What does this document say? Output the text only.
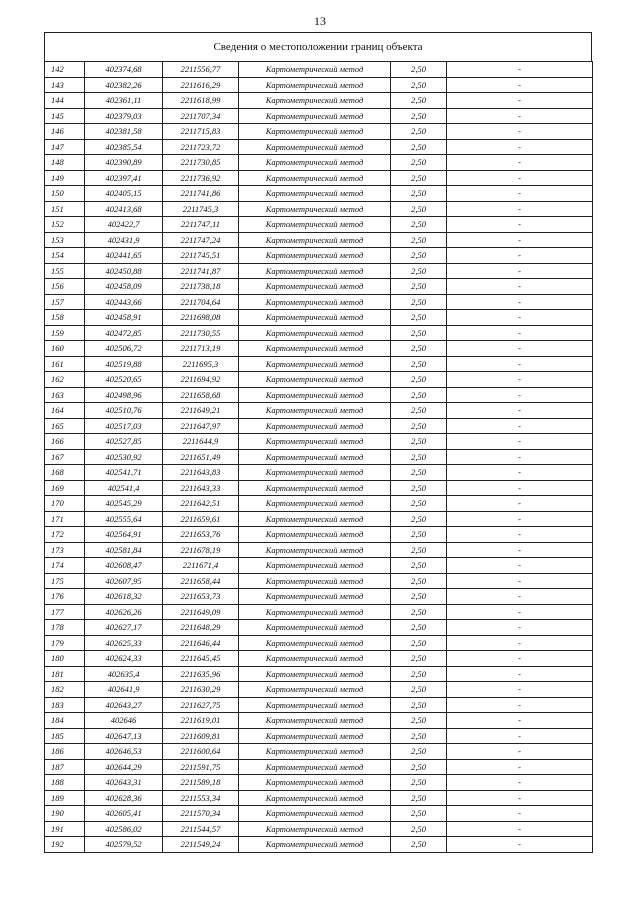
13
Сведения о местоположении границ объекта
142	402374,68	2211556,77	Картометрический метод	2,50	-
143	402382,26	2211616,29	Картометрический метод	2,50	-
144	402361,11	2211618,99	Картометрический метод	2,50	-
145	402379,03	2211707,34	Картометрический метод	2,50	-
146	402381,58	2211715,83	Картометрический метод	2,50	-
147	402385,54	2211723,72	Картометрический метод	2,50	-
148	402390,89	2211730,85	Картометрический метод	2,50	-
149	402397,41	2211736,92	Картометрический метод	2,50	-
150	402405,15	2211741,86	Картометрический метод	2,50	-
151	402413,68	2211745,3	Картометрический метод	2,50	-
152	402422,7	2211747,11	Картометрический метод	2,50	-
153	402431,9	2211747,24	Картометрический метод	2,50	-
154	402441,65	2211745,51	Картометрический метод	2,50	-
155	402450,88	2211741,87	Картометрический метод	2,50	-
156	402458,09	2211738,18	Картометрический метод	2,50	-
157	402443,66	2211704,64	Картометрический метод	2,50	-
158	402458,91	2211698,08	Картометрический метод	2,50	-
159	402472,85	2211730,55	Картометрический метод	2,50	-
160	402506,72	2211713,19	Картометрический метод	2,50	-
161	402519,88	2211695,3	Картометрический метод	2,50	-
162	402520,65	2211694,92	Картометрический метод	2,50	-
163	402498,96	2211658,68	Картометрический метод	2,50	-
164	402510,76	2211649,21	Картометрический метод	2,50	-
165	402517,03	2211647,97	Картометрический метод	2,50	-
166	402527,85	2211644,9	Картометрический метод	2,50	-
167	402530,92	2211651,49	Картометрический метод	2,50	-
168	402541,71	2211643,83	Картометрический метод	2,50	-
169	402541,4	2211643,33	Картометрический метод	2,50	-
170	402545,29	2211642,51	Картометрический метод	2,50	-
171	402555,64	2211659,61	Картометрический метод	2,50	-
172	402564,91	2211653,76	Картометрический метод	2,50	-
173	402581,84	2211678,19	Картометрический метод	2,50	-
174	402608,47	2211671,4	Картометрический метод	2,50	-
175	402607,95	2211658,44	Картометрический метод	2,50	-
176	402618,32	2211653,73	Картометрический метод	2,50	-
177	402626,26	2211649,09	Картометрический метод	2,50	-
178	402627,17	2211648,29	Картометрический метод	2,50	-
179	402625,33	2211646,44	Картометрический метод	2,50	-
180	402624,33	2211645,45	Картометрический метод	2,50	-
181	402635,4	2211635,96	Картометрический метод	2,50	-
182	402641,9	2211630,29	Картометрический метод	2,50	-
183	402643,27	2211627,75	Картометрический метод	2,50	-
184	402646	2211619,01	Картометрический метод	2,50	-
185	402647,13	2211609,81	Картометрический метод	2,50	-
186	402646,53	2211600,64	Картометрический метод	2,50	-
187	402644,29	2211591,75	Картометрический метод	2,50	-
188	402643,31	2211589,18	Картометрический метод	2,50	-
189	402628,36	2211553,34	Картометрический метод	2,50	-
190	402605,41	2211570,34	Картометрический метод	2,50	-
191	402586,02	2211544,57	Картометрический метод	2,50	-
192	402579,52	2211549,24	Картометрический метод	2,50	-
